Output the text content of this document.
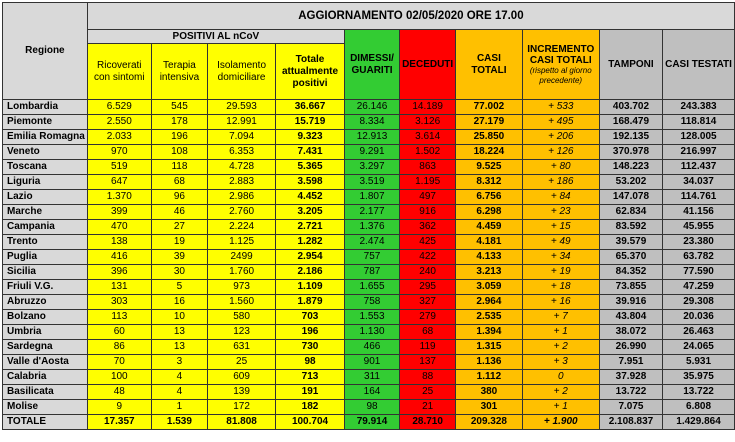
Regione	AGGIORNAMENTO 02/05/2020 ORE 17.00									
	POSITIVI AL nCoV				DIMESSI/ GUARITI	DECEDUTI	CASI TOTALI	INCREMENTO CASI TOTALI
(rispetto al giorno precedente)	TAMPONI	CASI TESTATI
	Ricoverati con sintomi	Terapia intensiva	Isolamento domiciliare	Totale attualmente positivi						
Lombardia	6.529	545	29.593	36.667	26.146	14.189	77.002	+ 533	403.702	243.383
Piemonte	2.550	178	12.991	15.719	8.334	3.126	27.179	+ 495	168.479	118.814
Emilia Romagna	2.033	196	7.094	9.323	12.913	3.614	25.850	+ 206	192.135	128.005
Veneto	970	108	6.353	7.431	9.291	1.502	18.224	+ 126	370.978	216.997
Toscana	519	118	4.728	5.365	3.297	863	9.525	+ 80	148.223	112.437
Liguria	647	68	2.883	3.598	3.519	1.195	8.312	+ 186	53.202	34.037
Lazio	1.370	96	2.986	4.452	1.807	497	6.756	+ 84	147.078	114.761
Marche	399	46	2.760	3.205	2.177	916	6.298	+ 23	62.834	41.156
Campania	470	27	2.224	2.721	1.376	362	4.459	+ 15	83.592	45.955
Trento	138	19	1.125	1.282	2.474	425	4.181	+ 49	39.579	23.380
Puglia	416	39	2499	2.954	757	422	4.133	+ 34	65.370	63.782
Sicilia	396	30	1.760	2.186	787	240	3.213	+ 19	84.352	77.590
Friuli V.G.	131	5	973	1.109	1.655	295	3.059	+ 18	73.855	47.259
Abruzzo	303	16	1.560	1.879	758	327	2.964	+ 16	39.916	29.308
Bolzano	113	10	580	703	1.553	279	2.535	+ 7	43.804	20.036
Umbria	60	13	123	196	1.130	68	1.394	+ 1	38.072	26.463
Sardegna	86	13	631	730	466	119	1.315	+ 2	26.990	24.065
Valle d'Aosta	70	3	25	98	901	137	1.136	+ 3	7.951	5.931
Calabria	100	4	609	713	311	88	1.112	0	37.928	35.975
Basilicata	48	4	139	191	164	25	380	+ 2	13.722	13.722
Molise	9	1	172	182	98	21	301	+ 1	7.075	6.808
TOTALE	17.357	1.539	81.808	100.704	79.914	28.710	209.328	+ 1.900	2.108.837	1.429.864
